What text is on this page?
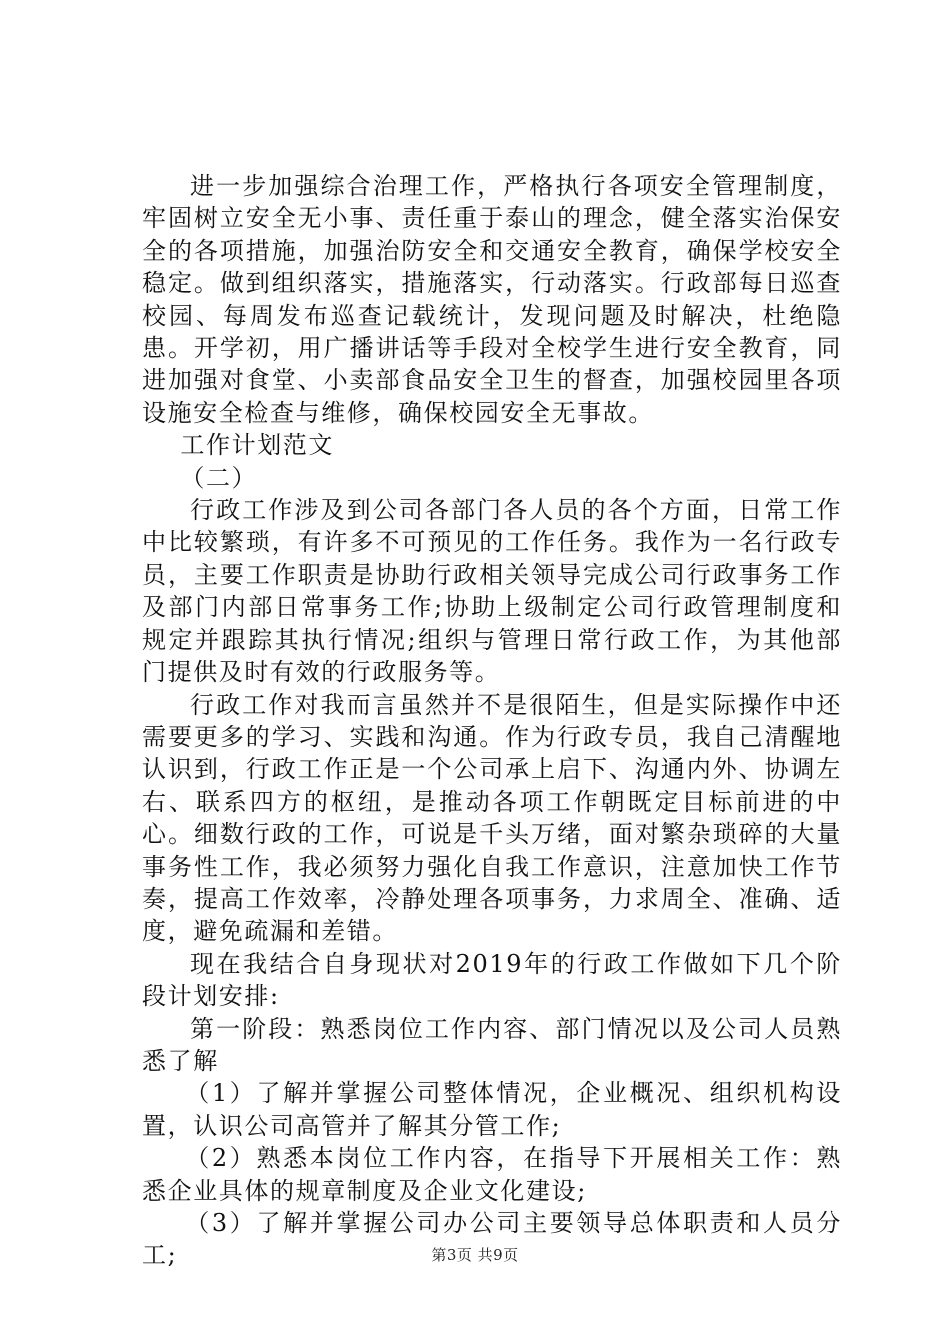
进一步加强综合治理工作，严格执行各项安全管理制度，牢固树立安全无小事、责任重于泰山的理念，健全落实治保安全的各项措施，加强治防安全和交通安全教育，确保学校安全稳定。做到组织落实，措施落实，行动落实。行政部每日巡查校园、每周发布巡查记载统计，发现问题及时解决，杜绝隐患。开学初，用广播讲话等手段对全校学生进行安全教育，同进加强对食堂、小卖部食品安全卫生的督查，加强校园里各项设施安全检查与维修，确保校园安全无事故。

工作计划范文

（二）

行政工作涉及到公司各部门各人员的各个方面，日常工作中比较繁琐，有许多不可预见的工作任务。我作为一名行政专员，主要工作职责是协助行政相关领导完成公司行政事务工作及部门内部日常事务工作;协助上级制定公司行政管理制度和规定并跟踪其执行情况;组织与管理日常行政工作，为其他部门提供及时有效的行政服务等。

行政工作对我而言虽然并不是很陌生，但是实际操作中还需要更多的学习、实践和沟通。作为行政专员，我自己清醒地认识到，行政工作正是一个公司承上启下、沟通内外、协调左右、联系四方的枢纽，是推动各项工作朝既定目标前进的中心。细数行政的工作，可说是千头万绪，面对繁杂琐碎的大量事务性工作，我必须努力强化自我工作意识，注意加快工作节奏，提高工作效率，冷静处理各项事务，力求周全、准确、适度，避免疏漏和差错。

现在我结合自身现状对2019年的行政工作做如下几个阶段计划安排:

第一阶段：熟悉岗位工作内容、部门情况以及公司人员熟悉了解

（1）了解并掌握公司整体情况，企业概况、组织机构设置，认识公司高管并了解其分管工作;

（2）熟悉本岗位工作内容，在指导下开展相关工作：熟悉企业具体的规章制度及企业文化建设;

（3）了解并掌握公司办公司主要领导总体职责和人员分工;	第3页 共9页
